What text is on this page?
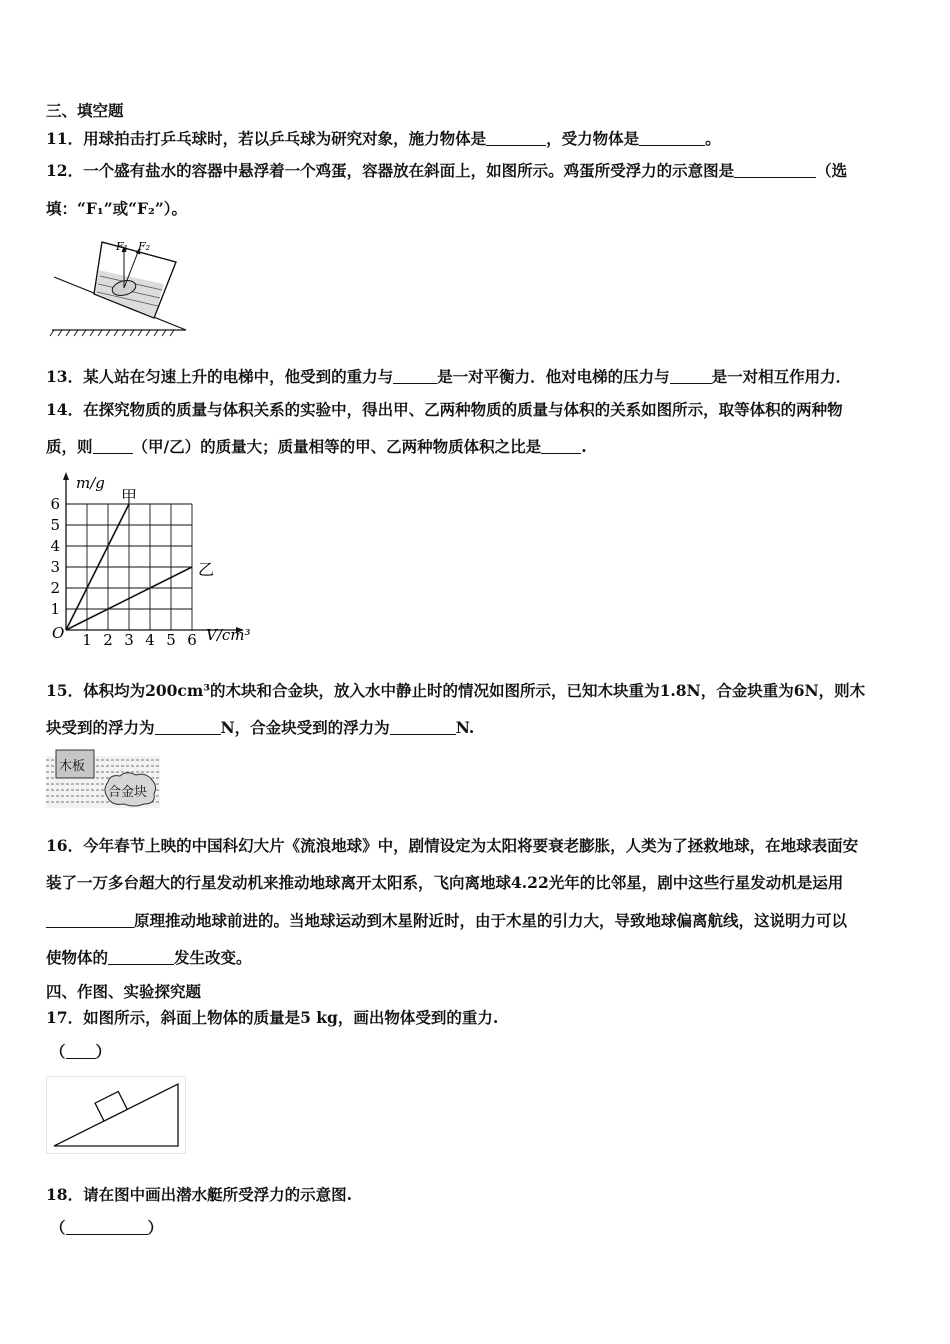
三、填空题
11．用球拍击打乒乓球时，若以乒乓球为研究对象，施力物体是	，受力物体是	。
12．一个盛有盐水的容器中悬浮着一个鸡蛋，容器放在斜面上，如图所示。鸡蛋所受浮力的示意图是	（选
填：“F₁”或“F₂”）。
F₁ F₂
13．某人站在匀速上升的电梯中，他受到的重力与	是一对平衡力．他对电梯的压力与	是一对相互作用力．
14．在探究物质的质量与体积关系的实验中，得出甲、乙两种物质的质量与体积的关系如图所示，取等体积的两种物
质，则	（甲/乙）的质量大；质量相等的甲、乙两种物质体积之比是	.
甲
乙
1 2 3 4 5 6
1
2
3
4
5
6
O
m/g
V/cm³
15．体积均为200cm³的木块和合金块，放入水中静止时的情况如图所示，已知木块重为1.8N，合金块重为6N，则木
块受到的浮力为	N，合金块受到的浮力为	N.
木板
合金块
16．今年春节上映的中国科幻大片《流浪地球》中，剧情设定为太阳将要衰老膨胀，人类为了拯救地球，在地球表面安
装了一万多台超大的行星发动机来推动地球离开太阳系，飞向离地球4.22光年的比邻星，剧中这些行星发动机是运用
原理推动地球前进的。当地球运动到木星附近时，由于木星的引力大，导致地球偏离航线，这说明力可以
使物体的	发生改变。
四、作图、实验探究题
17．如图所示，斜面上物体的质量是5 kg，画出物体受到的重力.
（ ）
18．请在图中画出潜水艇所受浮力的示意图.
（	）
